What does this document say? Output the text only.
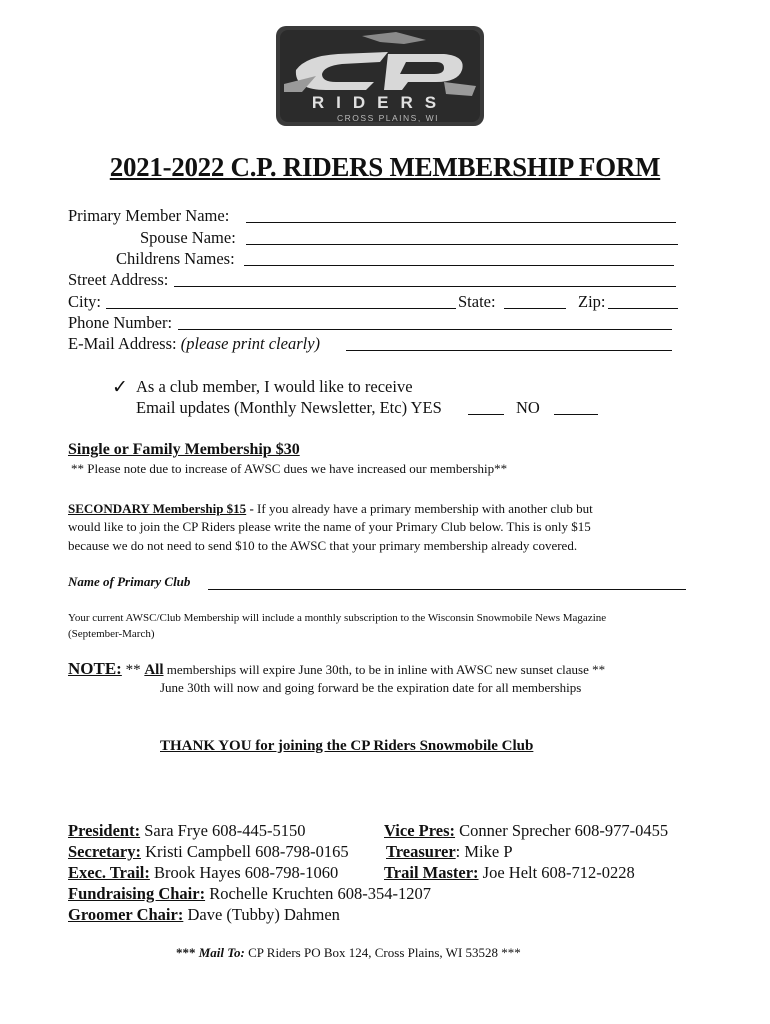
RIDERS
CROSS PLAINS, WI
2021-2022 C.P. RIDERS MEMBERSHIP FORM
Primary Member Name:
Spouse Name:
Childrens Names:
Street Address:
City:	State:	Zip:
Phone Number:
E-Mail Address: (please print clearly)
✓ As a club member, I would like to receive
Email updates (Monthly Newsletter, Etc) YES	NO
Single or Family Membership $30
** Please note due to increase of AWSC dues we have increased our membership**
SECONDARY Membership $15 - If you already have a primary membership with another club but
would like to join the CP Riders please write the name of your Primary Club below. This is only $15
because we do not need to send $10 to the AWSC that your primary membership already covered.
Name of Primary Club
Your current AWSC/Club Membership will include a monthly subscription to the Wisconsin Snowmobile News Magazine
(September-March)
NOTE: ** All memberships will expire June 30th, to be in inline with AWSC new sunset clause **
June 30th will now and going forward be the expiration date for all memberships
THANK YOU for joining the CP Riders Snowmobile Club
President: Sara Frye 608-445-5150	Vice Pres: Conner Sprecher 608-977-0455
Secretary: Kristi Campbell 608-798-0165 Treasurer: Mike P
Exec. Trail: Brook Hayes 608-798-1060	Trail Master: Joe Helt 608-712-0228
Fundraising Chair: Rochelle Kruchten 608-354-1207
Groomer Chair: Dave (Tubby) Dahmen
*** Mail To: CP Riders PO Box 124, Cross Plains, WI 53528 ***
